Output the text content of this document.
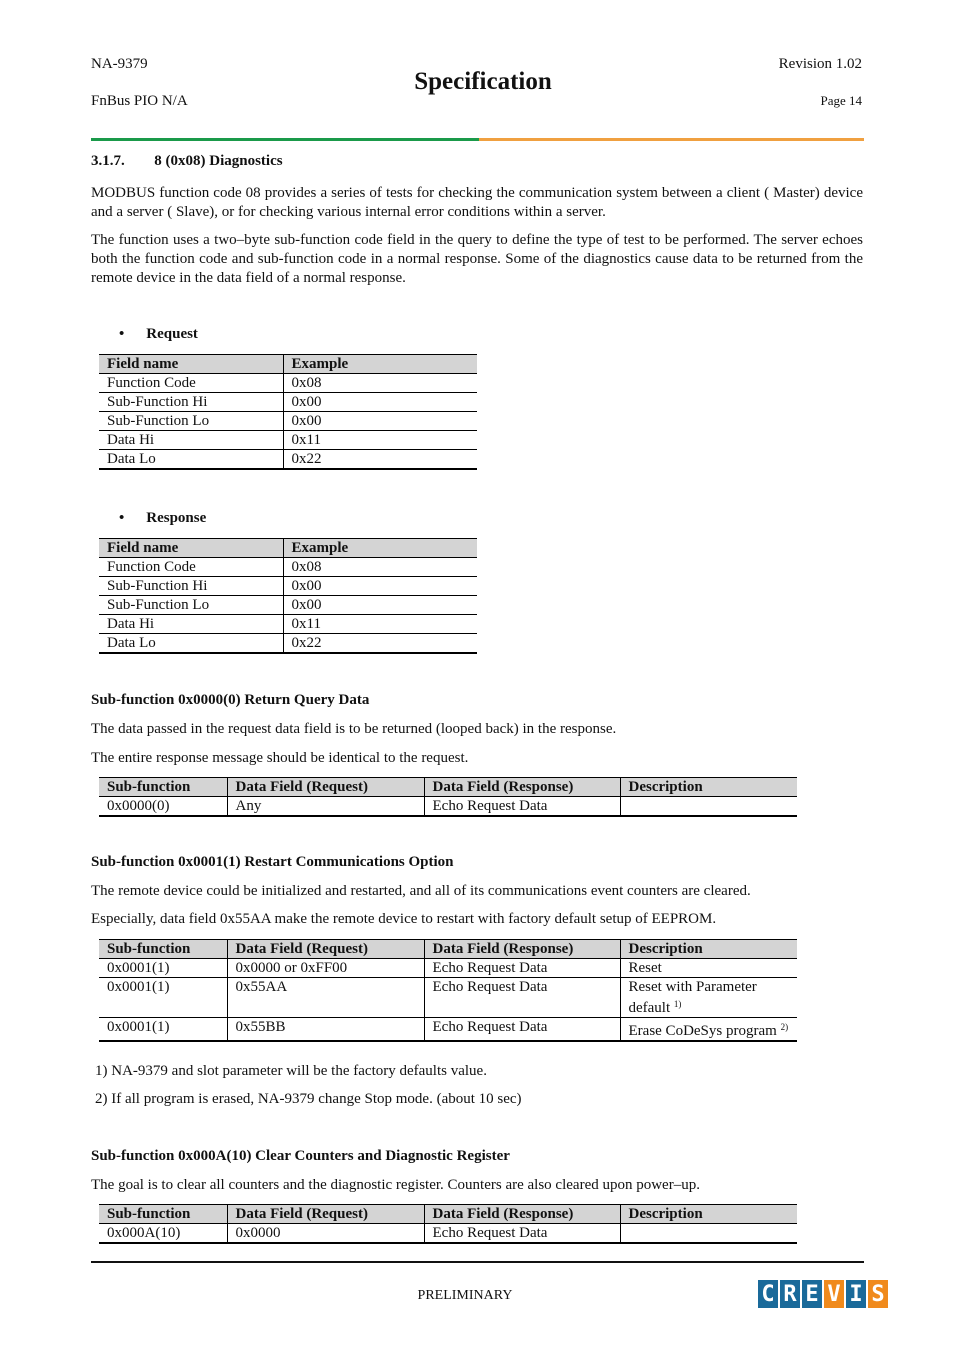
NA-9379
FnBus PIO N/A
Specification
Revision 1.02
Page 14
3.1.7. 8 (0x08) Diagnostics

MODBUS function code 08 provides a series of tests for checking the communication system between a client ( Master) device and a server ( Slave), or for checking various internal error conditions within a server.

The function uses a two–byte sub-function code field in the query to define the type of test to be performed. The server echoes both the function code and sub-function code in a normal response. Some of the diagnostics cause data to be returned from the remote device in the data field of a normal response.

• Request
Field name	Example
Function Code	0x08
Sub-Function Hi	0x00
Sub-Function Lo	0x00
Data Hi	0x11
Data Lo	0x22
• Response
Field name	Example
Function Code	0x08
Sub-Function Hi	0x00
Sub-Function Lo	0x00
Data Hi	0x11
Data Lo	0x22
Sub-function 0x0000(0) Return Query Data

The data passed in the request data field is to be returned (looped back) in the response.

The entire response message should be identical to the request.

Sub-function	Data Field (Request)	Data Field (Response)	Description
0x0000(0)	Any	Echo Request Data	
Sub-function 0x0001(1) Restart Communications Option

The remote device could be initialized and restarted, and all of its communications event counters are cleared.

Especially, data field 0x55AA make the remote device to restart with factory default setup of EEPROM.

Sub-function	Data Field (Request)	Data Field (Response)	Description
0x0001(1)	0x0000 or 0xFF00	Echo Request Data	Reset
0x0001(1)	0x55AA	Echo Request Data	Reset with Parameter default $^{1)}$
0x0001(1)	0x55BB	Echo Request Data	Erase CoDeSys program $^{2)}$
1) NA-9379 and slot parameter will be the factory defaults value.
2) If all program is erased, NA-9379 change Stop mode. (about 10 sec)
Sub-function 0x000A(10) Clear Counters and Diagnostic Register

The goal is to clear all counters and the diagnostic register. Counters are also cleared upon power–up.

Sub-function	Data Field (Request)	Data Field (Response)	Description
0x000A(10)	0x0000	Echo Request Data	
PRELIMINARY	C R E V I S
